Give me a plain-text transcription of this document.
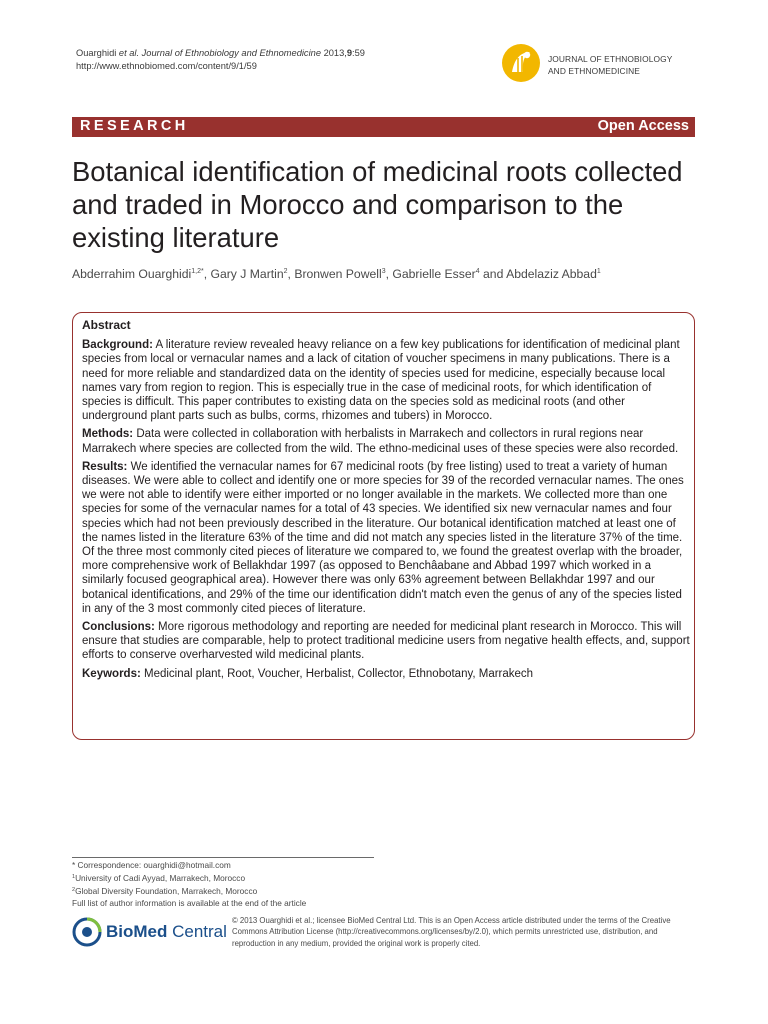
Ouarghidi et al. Journal of Ethnobiology and Ethnomedicine 2013,9:59
http://www.ethnobiomed.com/content/9/1/59
JOURNAL OF ETHNOBIOLOGY
AND ETHNOMEDICINE
RESEARCH	Open Access
Botanical identification of medicinal roots collected and traded in Morocco and comparison to the existing literature
Abderrahim Ouarghidi$^{1,2*}$, Gary J Martin$^2$, Bronwen Powell$^3$, Gabrielle Esser$^4$ and Abdelaziz Abbad$^1$
Abstract

Background: A literature review revealed heavy reliance on a few key publications for identification of medicinal plant species from local or vernacular names and a lack of citation of voucher specimens in many publications. There is a need for more reliable and standardized data on the identity of species used for medicine, especially because local names vary from region to region. This is especially true in the case of medicinal roots, for which identification of species is difficult. This paper contributes to existing data on the species sold as medicinal roots (and other underground plant parts such as bulbs, corms, rhizomes and tubers) in Morocco.

Methods: Data were collected in collaboration with herbalists in Marrakech and collectors in rural regions near Marrakech where species are collected from the wild. The ethno-medicinal uses of these species were also recorded.

Results: We identified the vernacular names for 67 medicinal roots (by free listing) used to treat a variety of human diseases. We were able to collect and identify one or more species for 39 of the recorded vernacular names. The ones we were not able to identify were either imported or no longer available in the markets. We collected more than one species for some of the vernacular names for a total of 43 species. We identified six new vernacular names and four species which had not been previously described in the literature. Our botanical identification matched at least one of the names listed in the literature 63% of the time and did not match any species listed in the literature 37% of the time. Of the three most commonly cited pieces of literature we compared to, we found the greatest overlap with the broader, more comprehensive work of Bellakhdar 1997 (as opposed to Benchâabane and Abbad 1997 which worked in a similarly focused geographical area). However there was only 63% agreement between Bellakhdar 1997 and our botanical identifications, and 29% of the time our identification didn't match even the genus of any of the species listed in any of the 3 most commonly cited pieces of literature.

Conclusions: More rigorous methodology and reporting are needed for medicinal plant research in Morocco. This will ensure that studies are comparable, help to protect traditional medicine users from negative health effects, and, support efforts to conserve overharvested wild medicinal plants.

Keywords: Medicinal plant, Root, Voucher, Herbalist, Collector, Ethnobotany, Marrakech

* Correspondence: ouarghidi@hotmail.com
$^1$University of Cadi Ayyad, Marrakech, Morocco
$^2$Global Diversity Foundation, Marrakech, Morocco
Full list of author information is available at the end of the article
BioMed Central
© 2013 Ouarghidi et al.; licensee BioMed Central Ltd. This is an Open Access article distributed under the terms of the Creative Commons Attribution License (http://creativecommons.org/licenses/by/2.0), which permits unrestricted use, distribution, and reproduction in any medium, provided the original work is properly cited.
